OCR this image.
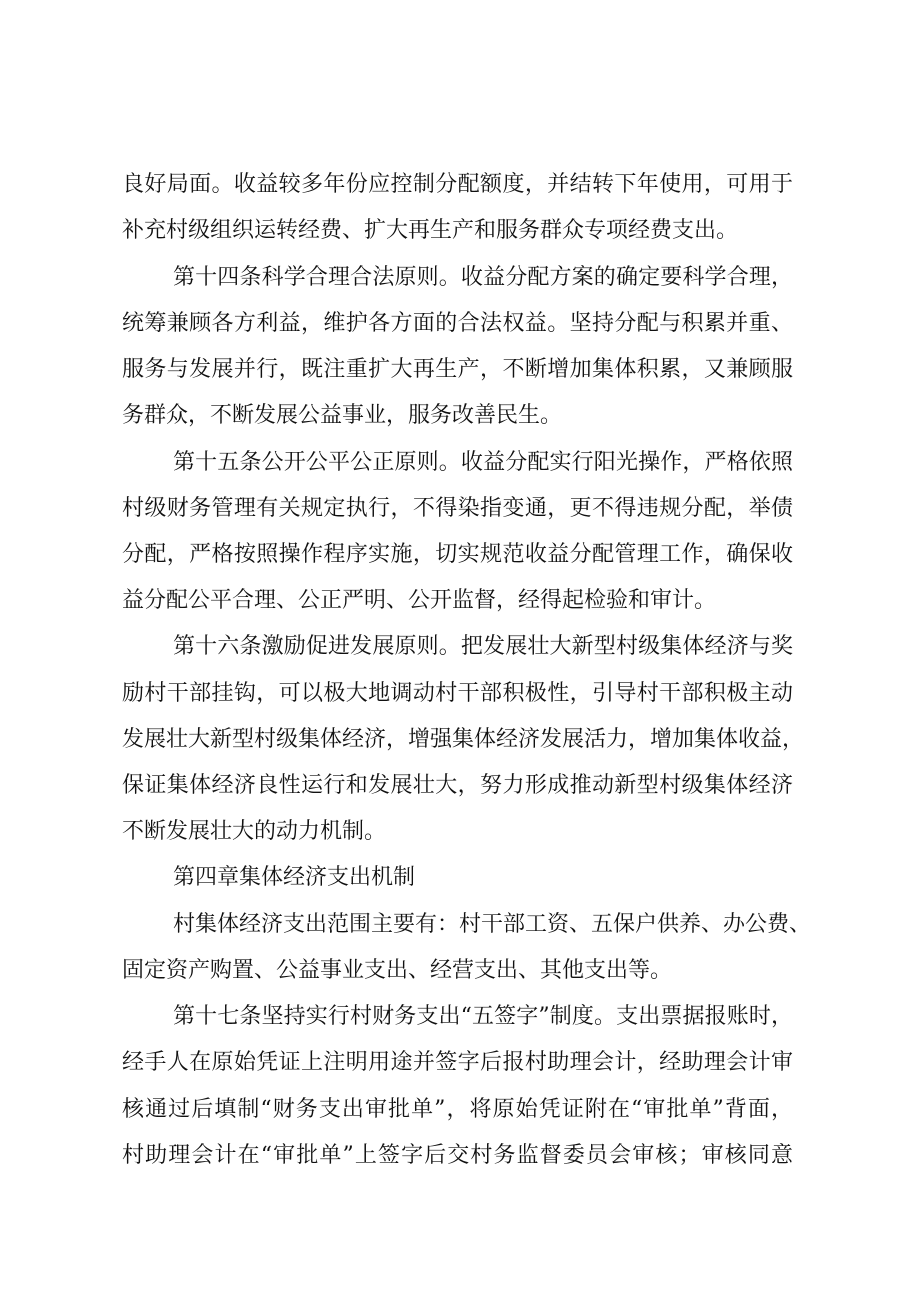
良好局面。收益较多年份应控制分配额度，并结转下年使用，可用于
补充村级组织运转经费、扩大再生产和服务群众专项经费支出。
第十四条科学合理合法原则。收益分配方案的确定要科学合理，
统筹兼顾各方利益，维护各方面的合法权益。坚持分配与积累并重、
服务与发展并行，既注重扩大再生产，不断增加集体积累，又兼顾服
务群众，不断发展公益事业，服务改善民生。
第十五条公开公平公正原则。收益分配实行阳光操作，严格依照
村级财务管理有关规定执行，不得染指变通，更不得违规分配，举债
分配，严格按照操作程序实施，切实规范收益分配管理工作，确保收
益分配公平合理、公正严明、公开监督，经得起检验和审计。
第十六条激励促进发展原则。把发展壮大新型村级集体经济与奖
励村干部挂钩，可以极大地调动村干部积极性，引导村干部积极主动
发展壮大新型村级集体经济，增强集体经济发展活力，增加集体收益，
保证集体经济良性运行和发展壮大，努力形成推动新型村级集体经济
不断发展壮大的动力机制。
第四章集体经济支出机制
村集体经济支出范围主要有：村干部工资、五保户供养、办公费、
固定资产购置、公益事业支出、经营支出、其他支出等。
第十七条坚持实行村财务支出“五签字”制度。支出票据报账时，
经手人在原始凭证上注明用途并签字后报村助理会计，经助理会计审
核通过后填制“财务支出审批单”，将原始凭证附在“审批单”背面，
村助理会计在“审批单”上签字后交村务监督委员会审核；审核同意
